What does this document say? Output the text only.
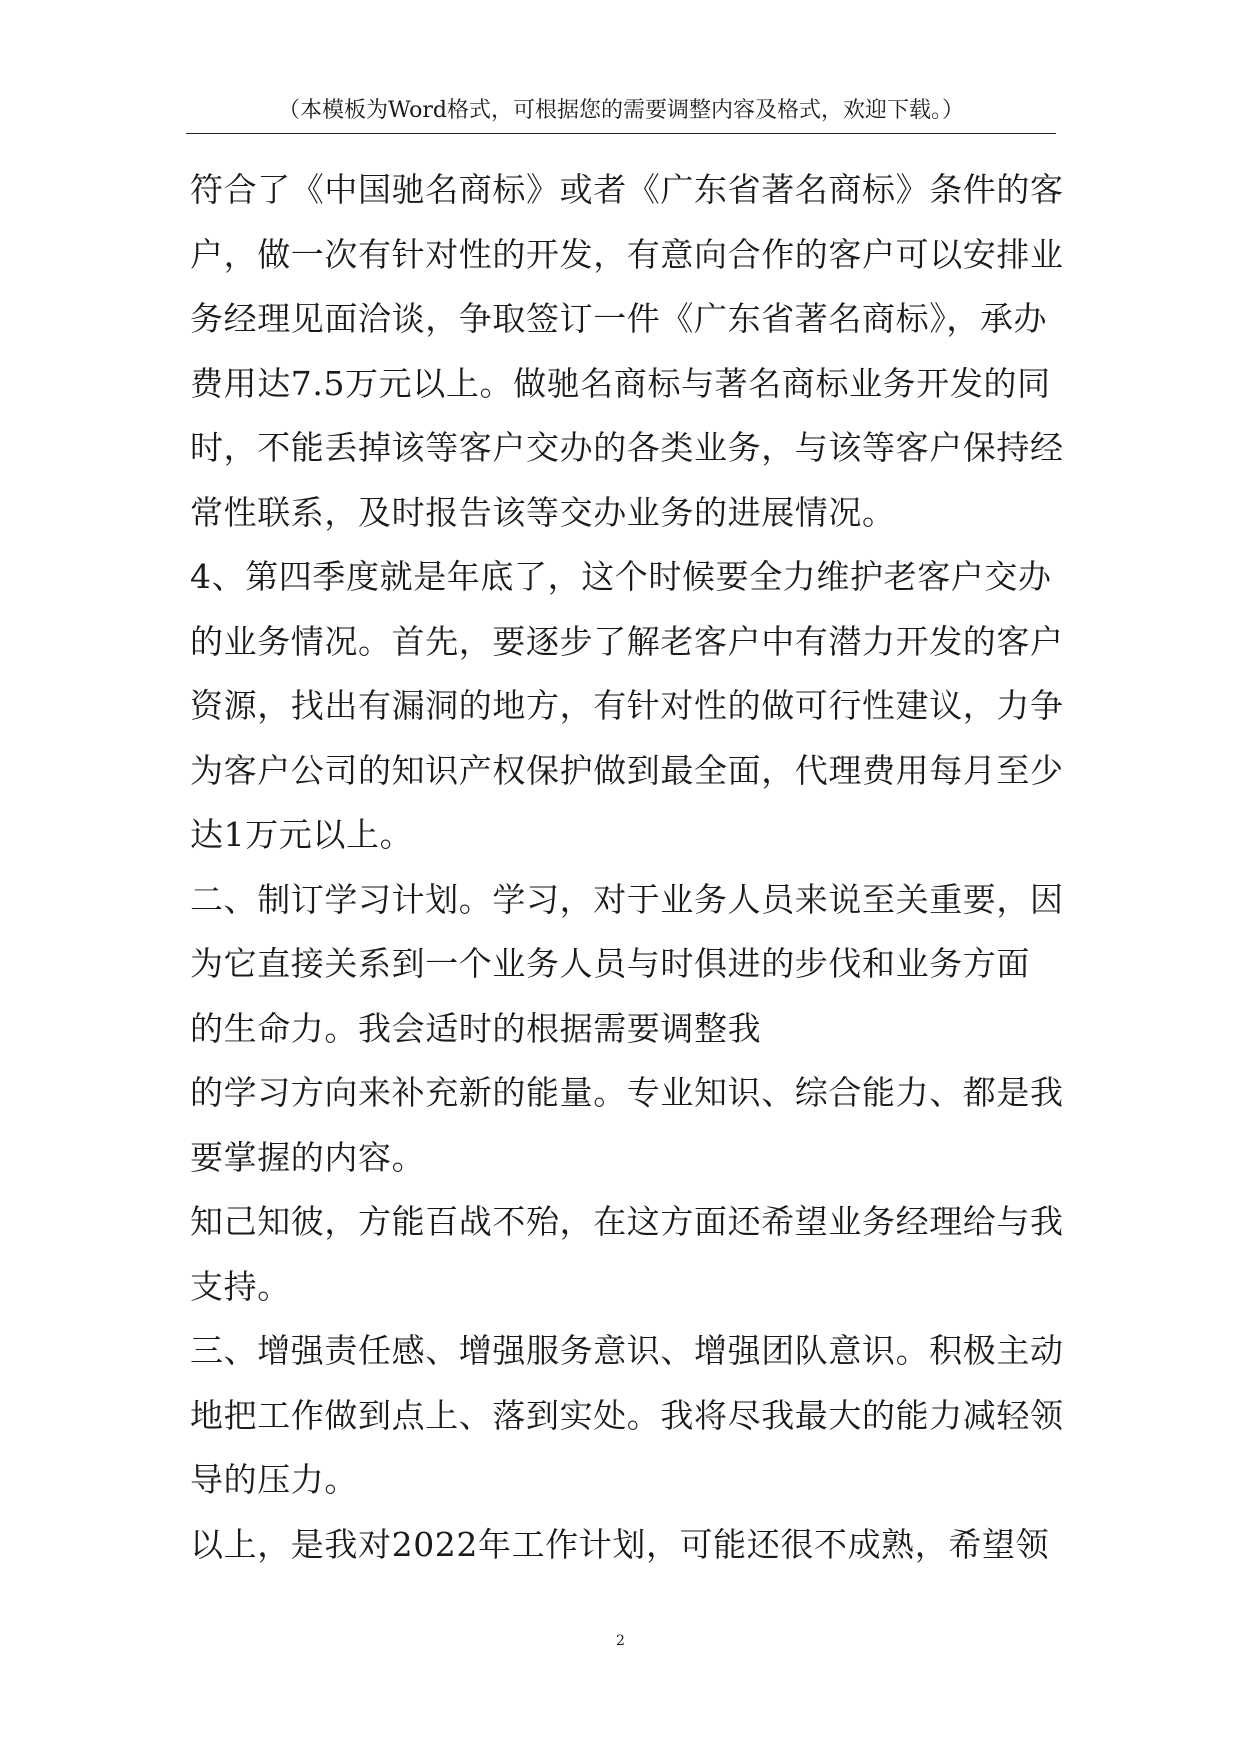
（本模板为Word格式，可根据您的需要调整内容及格式，欢迎下载。）
符合了《中国驰名商标》或者《广东省著名商标》条件的客
户，做一次有针对性的开发，有意向合作的客户可以安排业
务经理见面洽谈，争取签订一件《广东省著名商标》，承办
费用达7.5万元以上。做驰名商标与著名商标业务开发的同
时，不能丢掉该等客户交办的各类业务，与该等客户保持经
常性联系，及时报告该等交办业务的进展情况。
4、第四季度就是年底了，这个时候要全力维护老客户交办
的业务情况。首先，要逐步了解老客户中有潜力开发的客户
资源，找出有漏洞的地方，有针对性的做可行性建议，力争
为客户公司的知识产权保护做到最全面，代理费用每月至少
达1万元以上。
二、制订学习计划。学习，对于业务人员来说至关重要，因
为它直接关系到一个业务人员与时俱进的步伐和业务方面
的生命力。我会适时的根据需要调整我
的学习方向来补充新的能量。专业知识、综合能力、都是我
要掌握的内容。
知己知彼，方能百战不殆，在这方面还希望业务经理给与我
支持。
三、增强责任感、增强服务意识、增强团队意识。积极主动
地把工作做到点上、落到实处。我将尽我最大的能力减轻领
导的压力。
以上，是我对2022年工作计划，可能还很不成熟，希望领
2
